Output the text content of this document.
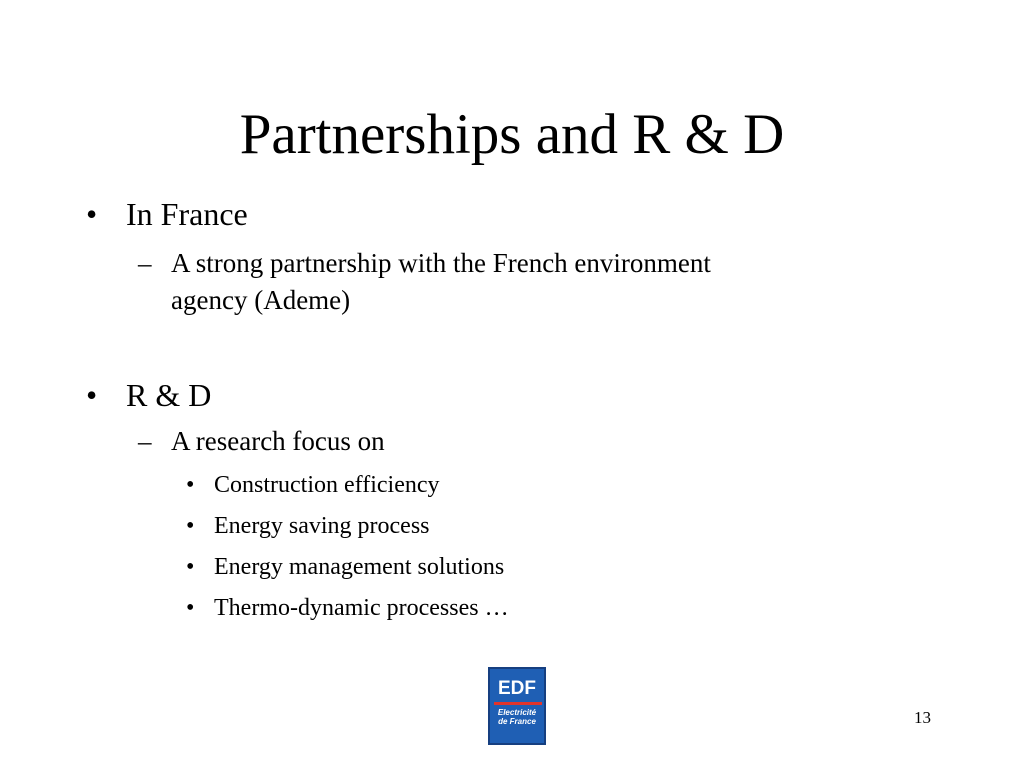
Partnerships and R & D
• In France
– A strong partnership with the French environment
agency (Ademe)
• R & D
– A research focus on
• Construction efficiency
• Energy saving process
• Energy management solutions
• Thermo-dynamic processes …
EDF
Electricité
de France	13
